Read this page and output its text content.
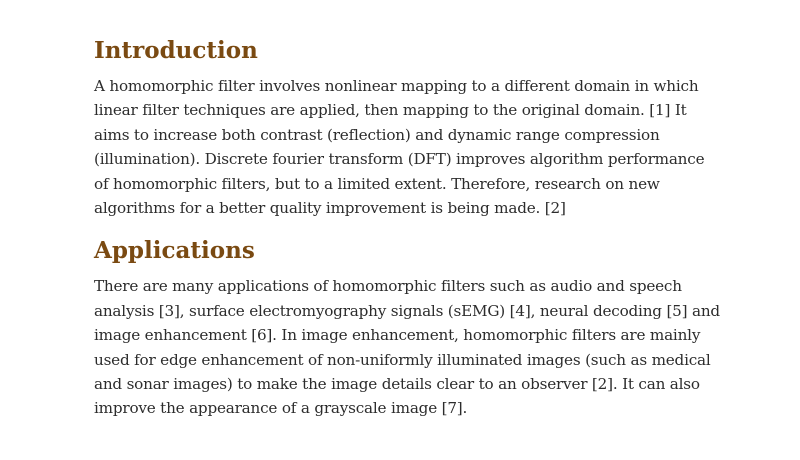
Introduction

A homomorphic filter involves nonlinear mapping to a different domain in which linear filter techniques are applied, then mapping to the original domain. [1] It aims to increase both contrast (reflection) and dynamic range compression (illumination). Discrete fourier transform (DFT) improves algorithm performance of homomorphic filters, but to a limited extent. Therefore, research on new algorithms for a better quality improvement is being made. [2]

Applications

There are many applications of homomorphic filters such as audio and speech analysis [3], surface electromyography signals (sEMG) [4], neural decoding [5] and image enhancement [6]. In image enhancement, homomorphic filters are mainly used for edge enhancement of non-uniformly illuminated images (such as medical and sonar images) to make the image details clear to an observer [2]. It can also improve the appearance of a grayscale image [7].
